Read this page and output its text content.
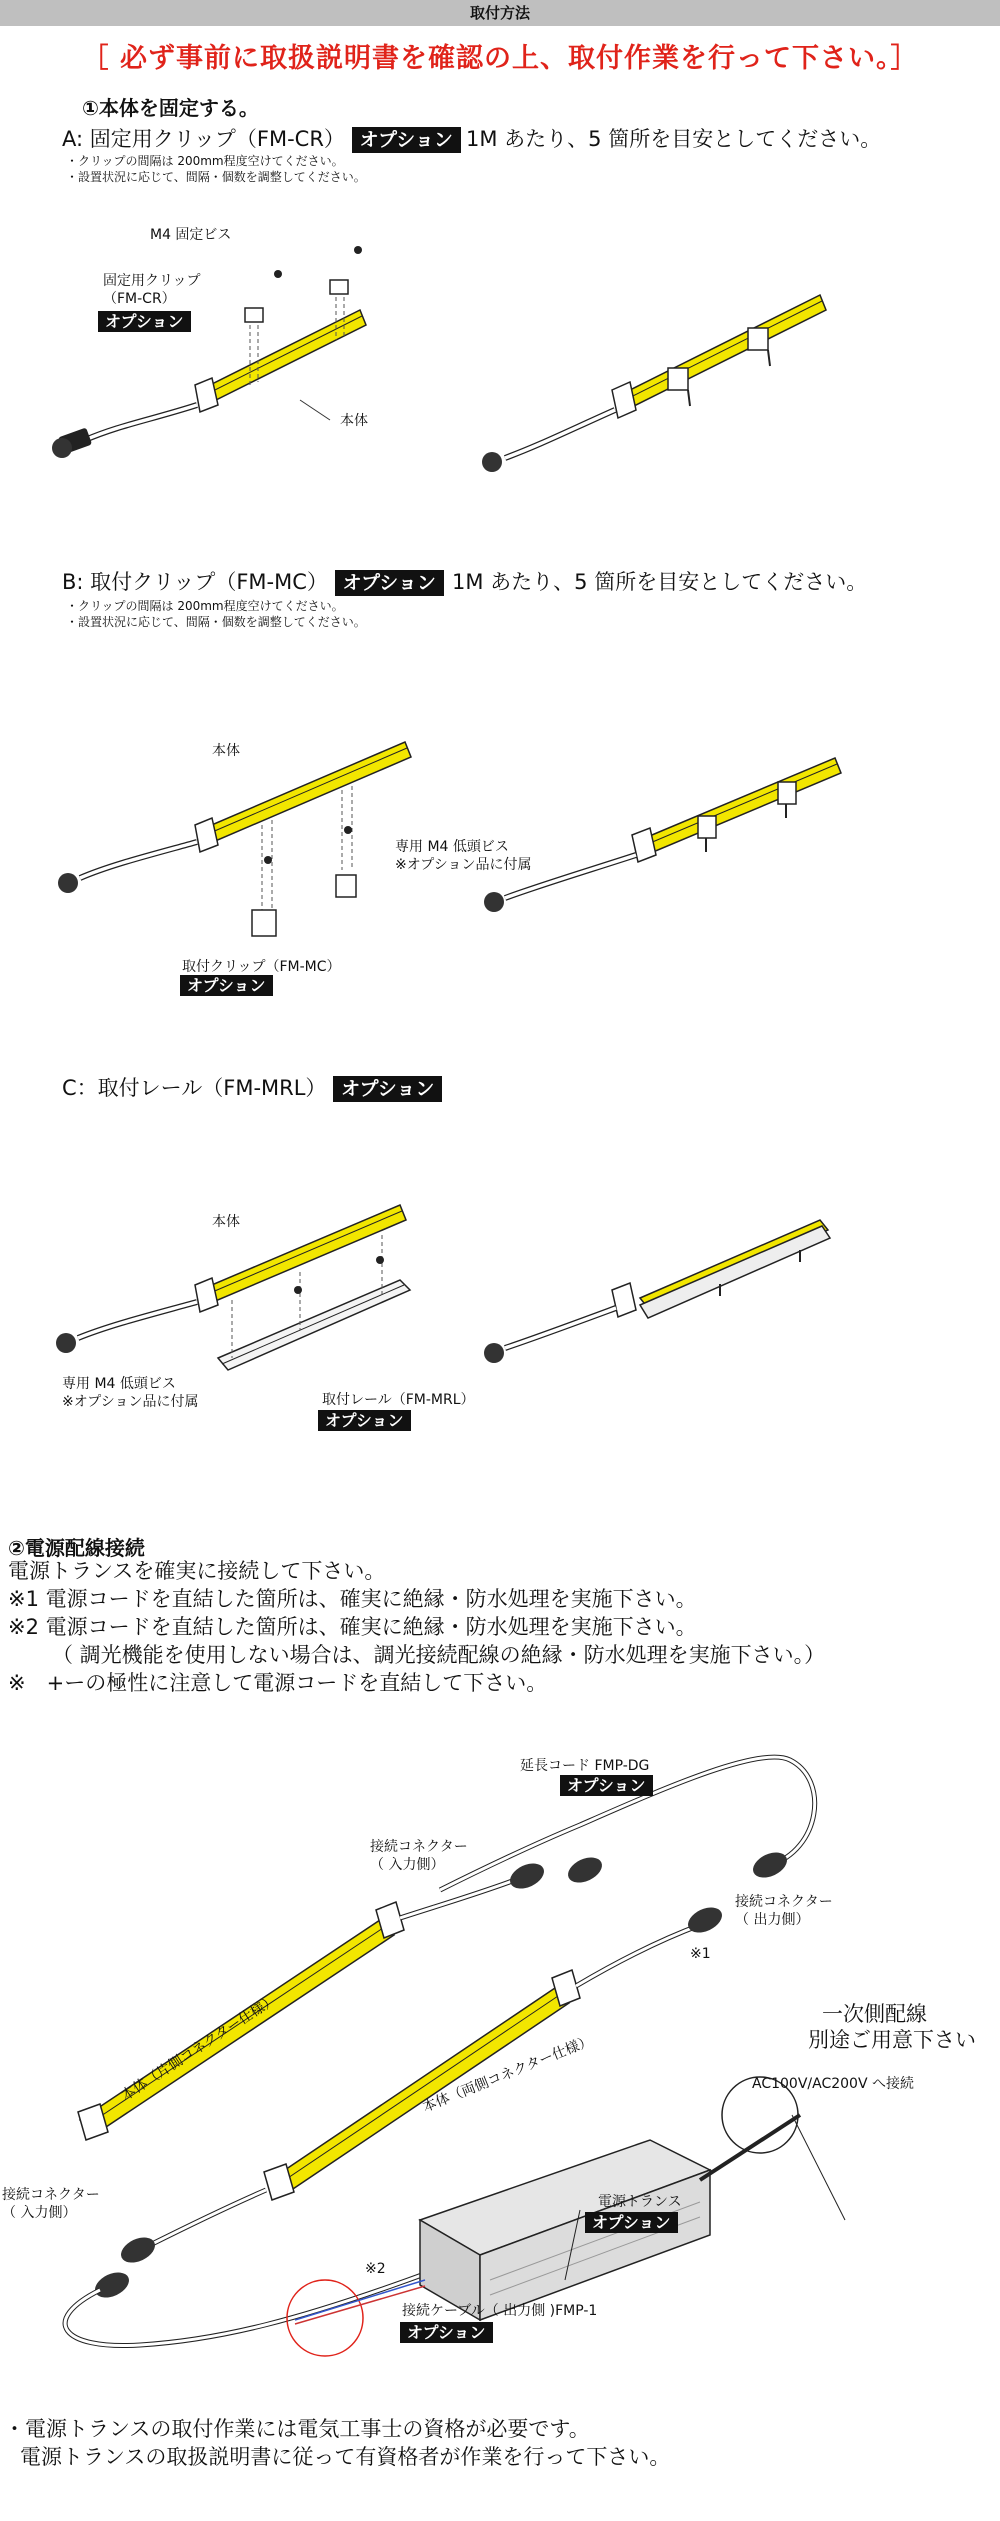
取付方法
［ 必ず事前に取扱説明書を確認の上、取付作業を行って下さい。］
①本体を固定する。
A: 固定用クリップ（FM-CR） オプション 1M あたり、5 箇所を目安としてください。
・クリップの間隔は 200mm程度空けてください。
・設置状況に応じて、間隔・個数を調整してください。
M4 固定ビス
固定用クリップ
（FM-CR）
オプション
本体
B: 取付クリップ（FM-MC） オプション 1M あたり、5 箇所を目安としてください。
・クリップの間隔は 200mm程度空けてください。
・設置状況に応じて、間隔・個数を調整してください。
本体
専用 M4 低頭ビス
※オプション品に付属
取付クリップ（FM-MC）
オプション
C：取付レール（FM-MRL） オプション
本体
専用 M4 低頭ビス
※オプション品に付属	取付レール（FM-MRL）
オプション
②電源配線接続
電源トランスを確実に接続して下さい。
※1 電源コードを直結した箇所は、確実に絶縁・防水処理を実施下さい。
※2 電源コードを直結した箇所は、確実に絶縁・防水処理を実施下さい。
（ 調光機能を使用しない場合は、調光接続配線の絶縁・防水処理を実施下さい。）
※　+ーの極性に注意して電源コードを直結して下さい。
延長コード FMP-DG
オプション
接続コネクター
（ 入力側）
接続コネクター
（ 出力側）
※1
一次側配線
別途ご用意下さい
AC100V/AC200V へ接続
本体（片側コネクター仕様）	本体（両側コネクター仕様）
電源トランス
オプション
接続コネクター
（ 入力側）
※2
接続ケーブル（ 出力側 )FMP-1
オプション
・電源トランスの取付作業には電気工事士の資格が必要です。
電源トランスの取扱説明書に従って有資格者が作業を行って下さい。
